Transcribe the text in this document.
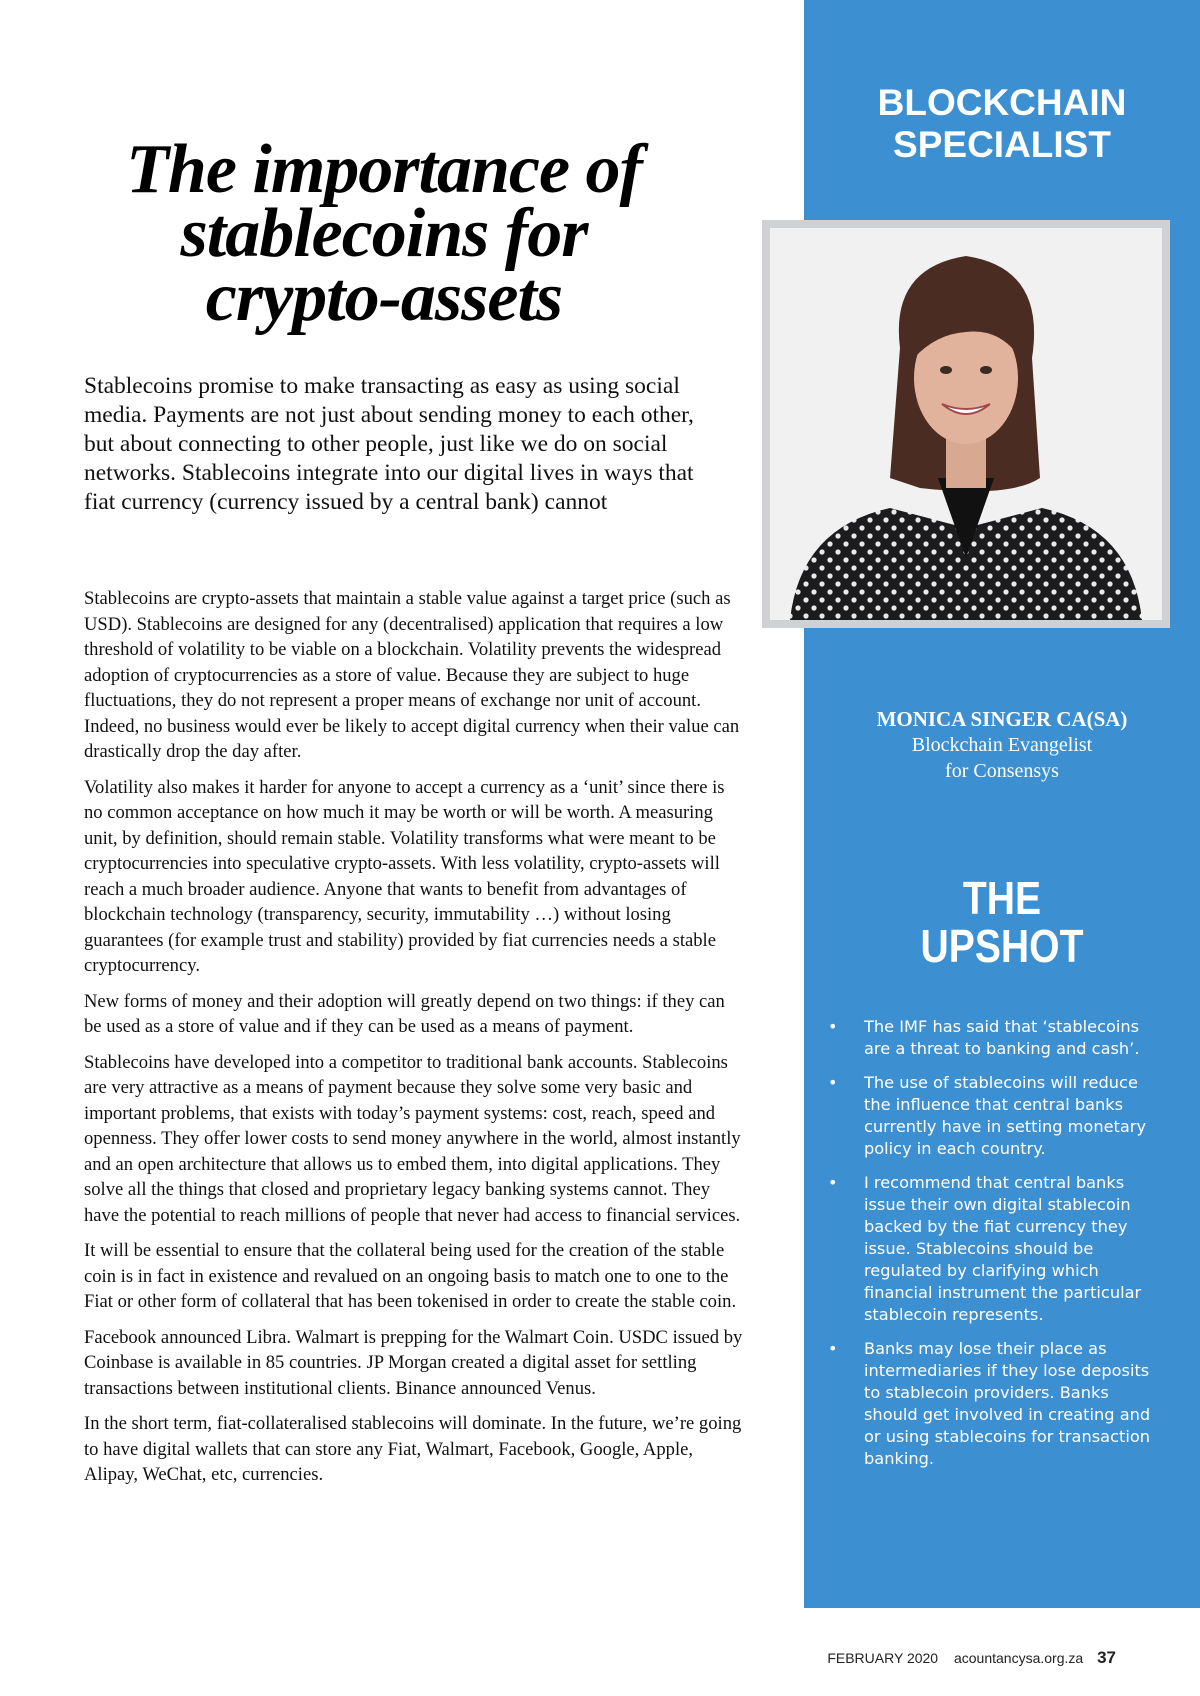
The importance of
stablecoins for
crypto-assets

Stablecoins promise to make transacting as easy as using social media. Payments are not just about sending money to each other, but about connecting to other people, just like we do on social networks. Stablecoins integrate into our digital lives in ways that fiat currency (currency issued by a central bank) cannot

Stablecoins are crypto-assets that maintain a stable value against a target price (such as USD). Stablecoins are designed for any (decentralised) application that requires a low threshold of volatility to be viable on a blockchain. Volatility prevents the widespread adoption of cryptocurrencies as a store of value. Because they are subject to huge fluctuations, they do not represent a proper means of exchange nor unit of account. Indeed, no business would ever be likely to accept digital currency when their value can drastically drop the day after.

Volatility also makes it harder for anyone to accept a currency as a ‘unit’ since there is no common acceptance on how much it may be worth or will be worth. A measuring unit, by definition, should remain stable. Volatility transforms what were meant to be cryptocurrencies into speculative crypto-assets. With less volatility, crypto-assets will reach a much broader audience. Anyone that wants to benefit from advantages of blockchain technology (transparency, security, immutability …) without losing guarantees (for example trust and stability) provided by fiat currencies needs a stable cryptocurrency.

New forms of money and their adoption will greatly depend on two things: if they can be used as a store of value and if they can be used as a means of payment.

Stablecoins have developed into a competitor to traditional bank accounts. Stablecoins are very attractive as a means of payment because they solve some very basic and important problems, that exists with today’s payment systems: cost, reach, speed and openness. They offer lower costs to send money anywhere in the world, almost instantly and an open architecture that allows us to embed them, into digital applications. They solve all the things that closed and proprietary legacy banking systems cannot. They have the potential to reach millions of people that never had access to financial services.

It will be essential to ensure that the collateral being used for the creation of the stable coin is in fact in existence and revalued on an ongoing basis to match one to one to the Fiat or other form of collateral that has been tokenised in order to create the stable coin.

Facebook announced Libra. Walmart is prepping for the Walmart Coin. USDC issued by Coinbase is available in 85 countries. JP Morgan created a digital asset for settling transactions between institutional clients. Binance announced Venus.

In the short term, fiat-collateralised stablecoins will dominate. In the future, we’re going to have digital wallets that can store any Fiat, Walmart, Facebook, Google, Apple, Alipay, WeChat, etc, currencies.

BLOCKCHAIN
SPECIALIST
MONICA SINGER CA(SA)
Blockchain Evangelist
for Consensys
THE
UPSHOT
• The IMF has said that ‘stablecoins are a threat to banking and cash’.
• The use of stablecoins will reduce the influence that central banks currently have in setting monetary policy in each country.
• I recommend that central banks issue their own digital stablecoin backed by the fiat currency they issue. Stablecoins should be regulated by clarifying which financial instrument the particular stablecoin represents.
• Banks may lose their place as intermediaries if they lose deposits to stablecoin providers. Banks should get involved in creating and or using stablecoins for transaction banking.
FEBRUARY 2020 acountancysa.org.za 37
